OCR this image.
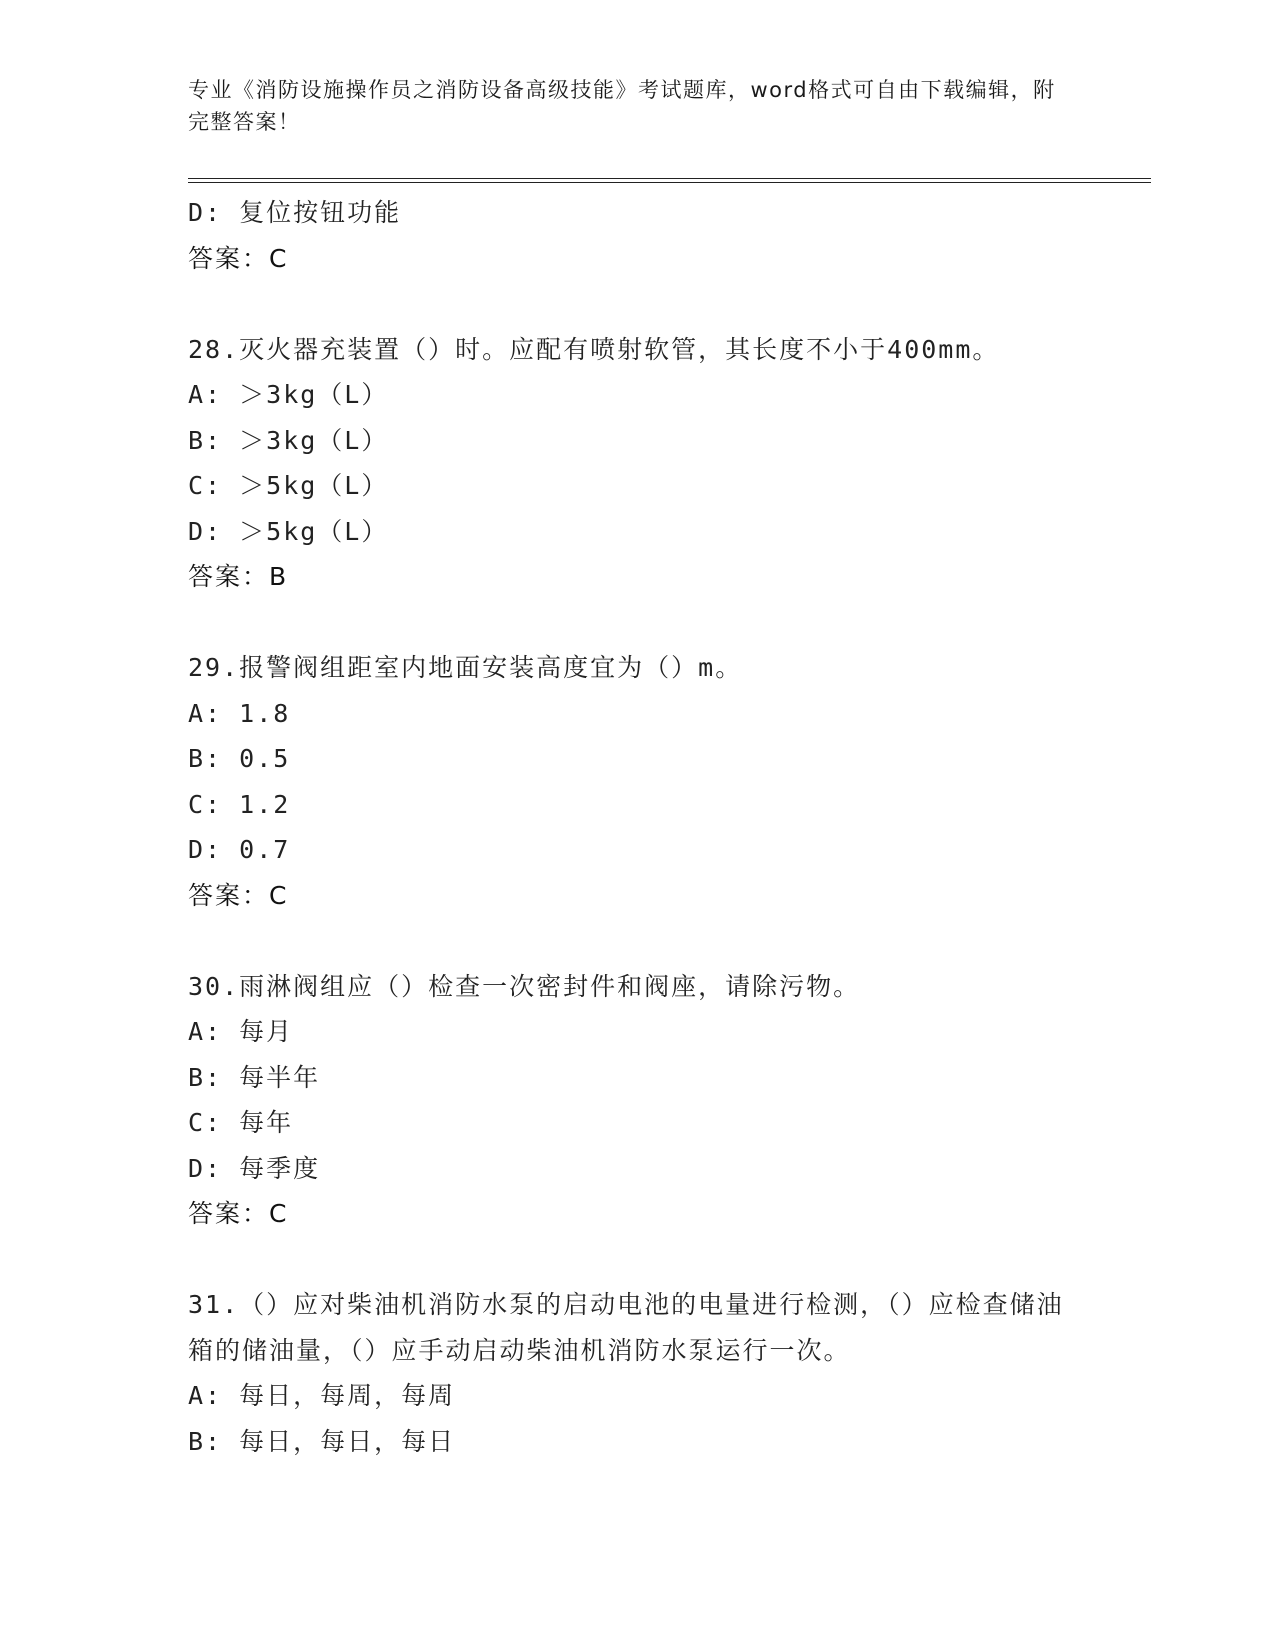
专业《消防设施操作员之消防设备高级技能》考试题库，word格式可自由下载编辑，附完整答案！
D: 复位按钮功能
答案：C
28.灭火器充装置（）时。应配有喷射软管，其长度不小于400mm。
A: ＞3kg（L）
B: ＞3kg（L）
C: ＞5kg（L）
D: ＞5kg（L）
答案：B
29.报警阀组距室内地面安装高度宜为（）m。
A: 1.8
B: 0.5
C: 1.2
D: 0.7
答案：C
30.雨淋阀组应（）检查一次密封件和阀座，请除污物。
A: 每月
B: 每半年
C: 每年
D: 每季度
答案：C
31.（）应对柴油机消防水泵的启动电池的电量进行检测，（）应检查储油箱的储油量，（）应手动启动柴油机消防水泵运行一次。
A: 每日，每周，每周
B: 每日，每日，每日
